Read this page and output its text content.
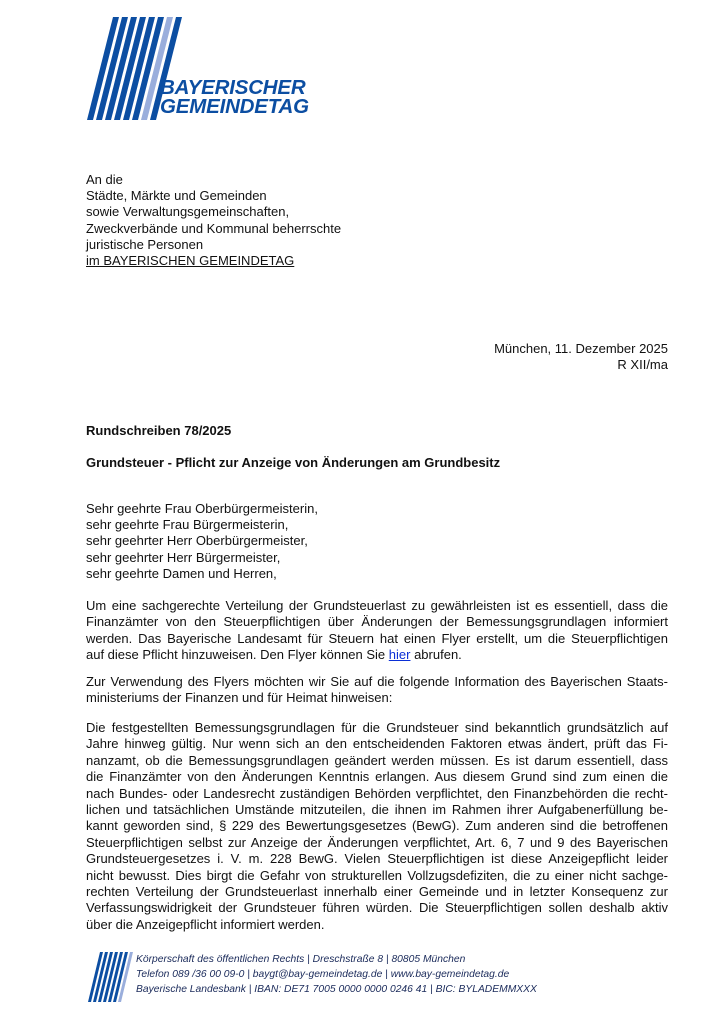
BAYERISCHER
GEMEINDETAG
An die
Städte, Märkte und Gemeinden
sowie Verwaltungsgemeinschaften,
Zweckverbände und Kommunal beherrschte
juristische Personen
im BAYERISCHEN GEMEINDETAG
München, 11. Dezember 2025
R XII/ma
Rundschreiben 78/2025
Grundsteuer - Pflicht zur Anzeige von Änderungen am Grundbesitz
Sehr geehrte Frau Oberbürgermeisterin,
sehr geehrte Frau Bürgermeisterin,
sehr geehrter Herr Oberbürgermeister,
sehr geehrter Herr Bürgermeister,
sehr geehrte Damen und Herren,
Um eine sachgerechte Verteilung der Grundsteuerlast zu gewährleisten ist es essentiell, dass die
Finanzämter von den Steuerpflichtigen über Änderungen der Bemessungsgrundlagen informiert
werden. Das Bayerische Landesamt für Steuern hat einen Flyer erstellt, um die Steuerpflichtigen
auf diese Pflicht hinzuweisen. Den Flyer können Sie hier abrufen.
Zur Verwendung des Flyers möchten wir Sie auf die folgende Information des Bayerischen Staats-
ministeriums der Finanzen und für Heimat hinweisen:
Die festgestellten Bemessungsgrundlagen für die Grundsteuer sind bekanntlich grundsätzlich auf
Jahre hinweg gültig. Nur wenn sich an den entscheidenden Faktoren etwas ändert, prüft das Fi-
nanzamt, ob die Bemessungsgrundlagen geändert werden müssen. Es ist darum essentiell, dass
die Finanzämter von den Änderungen Kenntnis erlangen. Aus diesem Grund sind zum einen die
nach Bundes- oder Landesrecht zuständigen Behörden verpflichtet, den Finanzbehörden die recht-
lichen und tatsächlichen Umstände mitzuteilen, die ihnen im Rahmen ihrer Aufgabenerfüllung be-
kannt geworden sind, § 229 des Bewertungsgesetzes (BewG). Zum anderen sind die betroffenen
Steuerpflichtigen selbst zur Anzeige der Änderungen verpflichtet, Art. 6, 7 und 9 des Bayerischen
Grundsteuergesetzes i. V. m. 228 BewG. Vielen Steuerpflichtigen ist diese Anzeigepflicht leider
nicht bewusst. Dies birgt die Gefahr von strukturellen Vollzugsdefiziten, die zu einer nicht sachge-
rechten Verteilung der Grundsteuerlast innerhalb einer Gemeinde und in letzter Konsequenz zur
Verfassungswidrigkeit der Grundsteuer führen würden. Die Steuerpflichtigen sollen deshalb aktiv
über die Anzeigepflicht informiert werden.
Körperschaft des öffentlichen Rechts | Dreschstraße 8 | 80805 München
Telefon 089 /36 00 09-0 | baygt@bay-gemeindetag.de | www.bay-gemeindetag.de
Bayerische Landesbank | IBAN: DE71 7005 0000 0000 0246 41 | BIC: BYLADEMMXXX
